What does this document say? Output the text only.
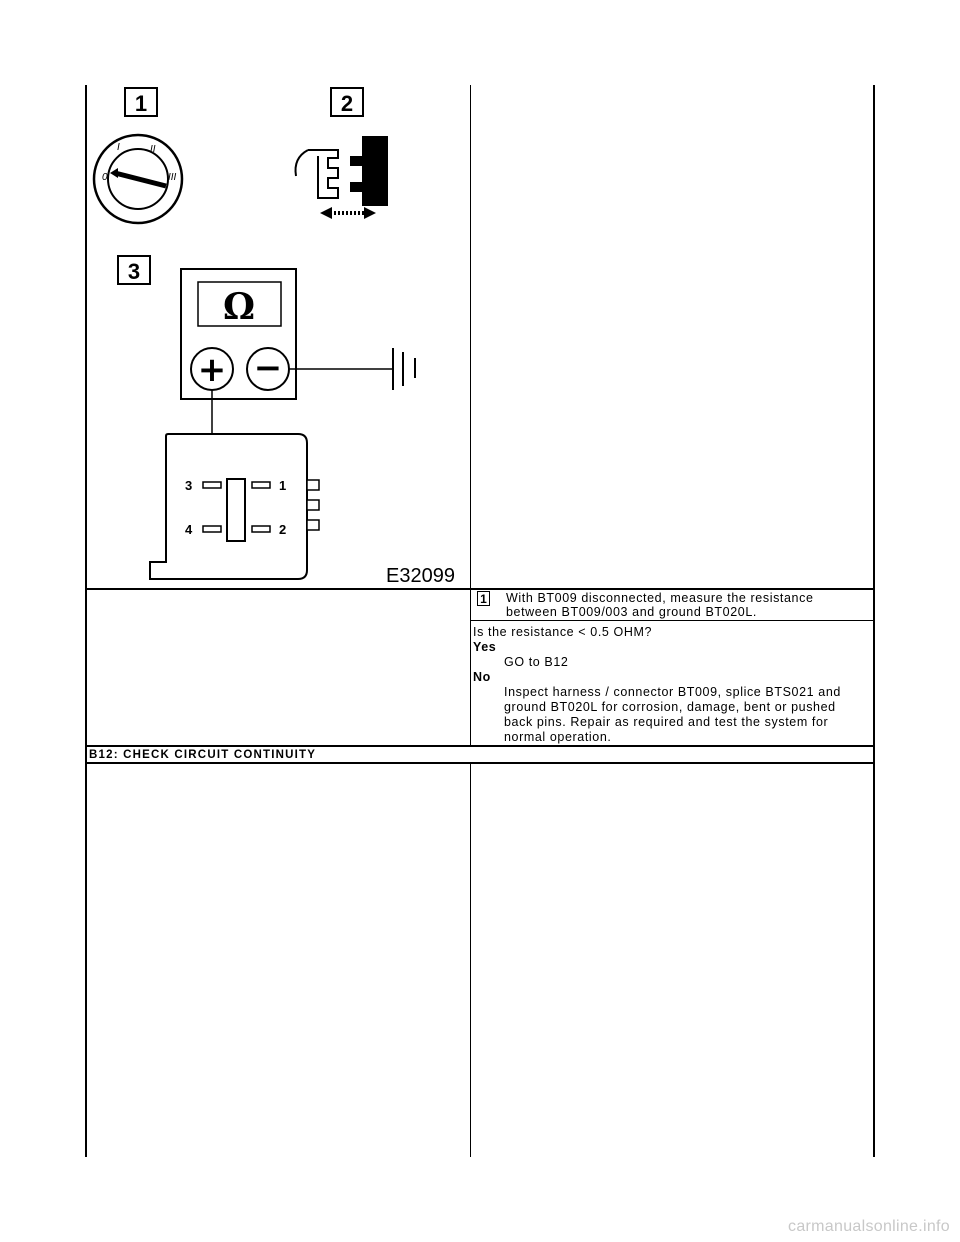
1	2
3
0
I	II
III
Ω
+ −
3	1
4	2
E32099
1 With BT009 disconnected, measure the resistance
between BT009/003 and ground BT020L.
Is the resistance < 0.5 OHM?
Yes
GO to B12
No
Inspect harness / connector BT009, splice BTS021 and
ground BT020L for corrosion, damage, bent or pushed
back pins. Repair as required and test the system for
normal operation.
B12: CHECK CIRCUIT CONTINUITY
carmanualsonline.info
